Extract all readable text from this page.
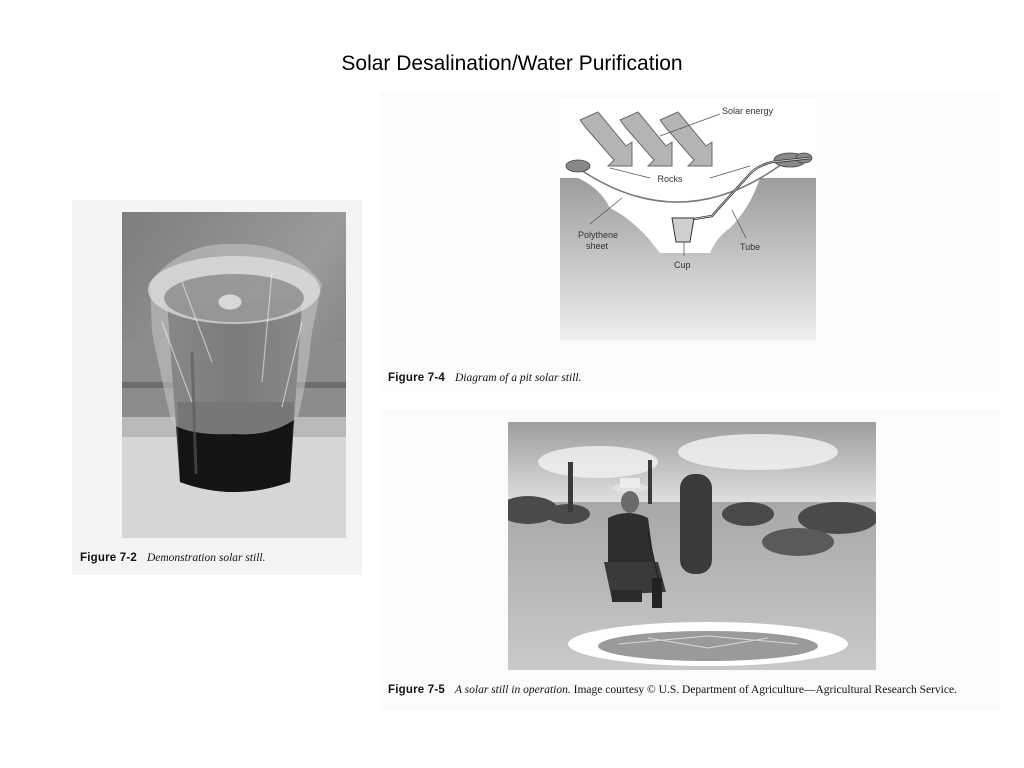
Solar Desalination/Water Purification
Figure 7-2 Demonstration solar still.
Solar energy
Rocks
Polythene
sheet	Tube
Cup
Figure 7-4 Diagram of a pit solar still.
Figure 7-5 A solar still in operation. Image courtesy © U.S. Department of Agriculture—Agricultural Research Service.
